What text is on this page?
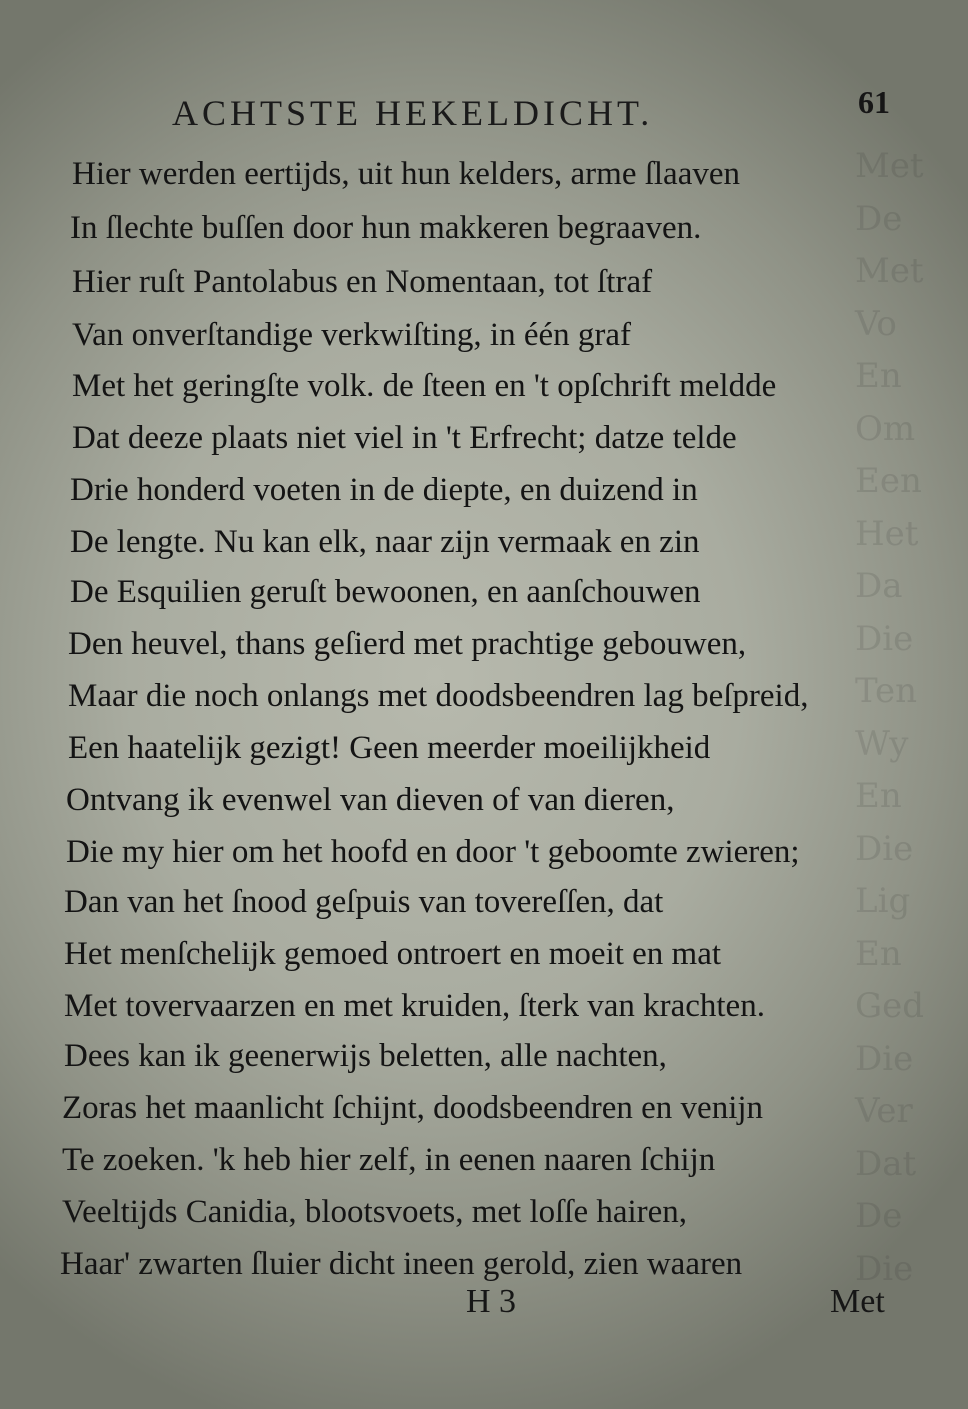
Met
De
Met
Vo
En
Om
Een
Het
Da
Die
Ten
Wy
En
Die
Lig
En
Ged
Die
Ver
Dat
De
Die
ACHTSTE HEKELDICHT.	61
Hier werden eertijds, uit hun kelders, arme ſlaaven
In ſlechte buſſen door hun makkeren begraaven.
Hier ruſt Pantolabus en Nomentaan, tot ſtraf
Van onverſtandige verkwiſting, in één graf
Met het geringſte volk. de ſteen en 't opſchrift meldde
Dat deeze plaats niet viel in 't Erfrecht; datze telde
Drie honderd voeten in de diepte, en duizend in
De lengte. Nu kan elk, naar zijn vermaak en zin
De Esquilien geruſt bewoonen, en aanſchouwen
Den heuvel, thans geſierd met prachtige gebouwen,
Maar die noch onlangs met doodsbeendren lag beſpreid,
Een haatelijk gezigt! Geen meerder moeilijkheid
Ontvang ik evenwel van dieven of van dieren,
Die my hier om het hoofd en door 't geboomte zwieren;
Dan van het ſnood geſpuis van tovereſſen, dat
Het menſchelijk gemoed ontroert en moeit en mat
Met tovervaarzen en met kruiden, ſterk van krachten.
Dees kan ik geenerwijs beletten, alle nachten,
Zoras het maanlicht ſchijnt, doodsbeendren en venijn
Te zoeken. 'k heb hier zelf, in eenen naaren ſchijn
Veeltijds Canidia, blootsvoets, met loſſe hairen,
Haar' zwarten ſluier dicht ineen gerold, zien waaren
H 3	Met
